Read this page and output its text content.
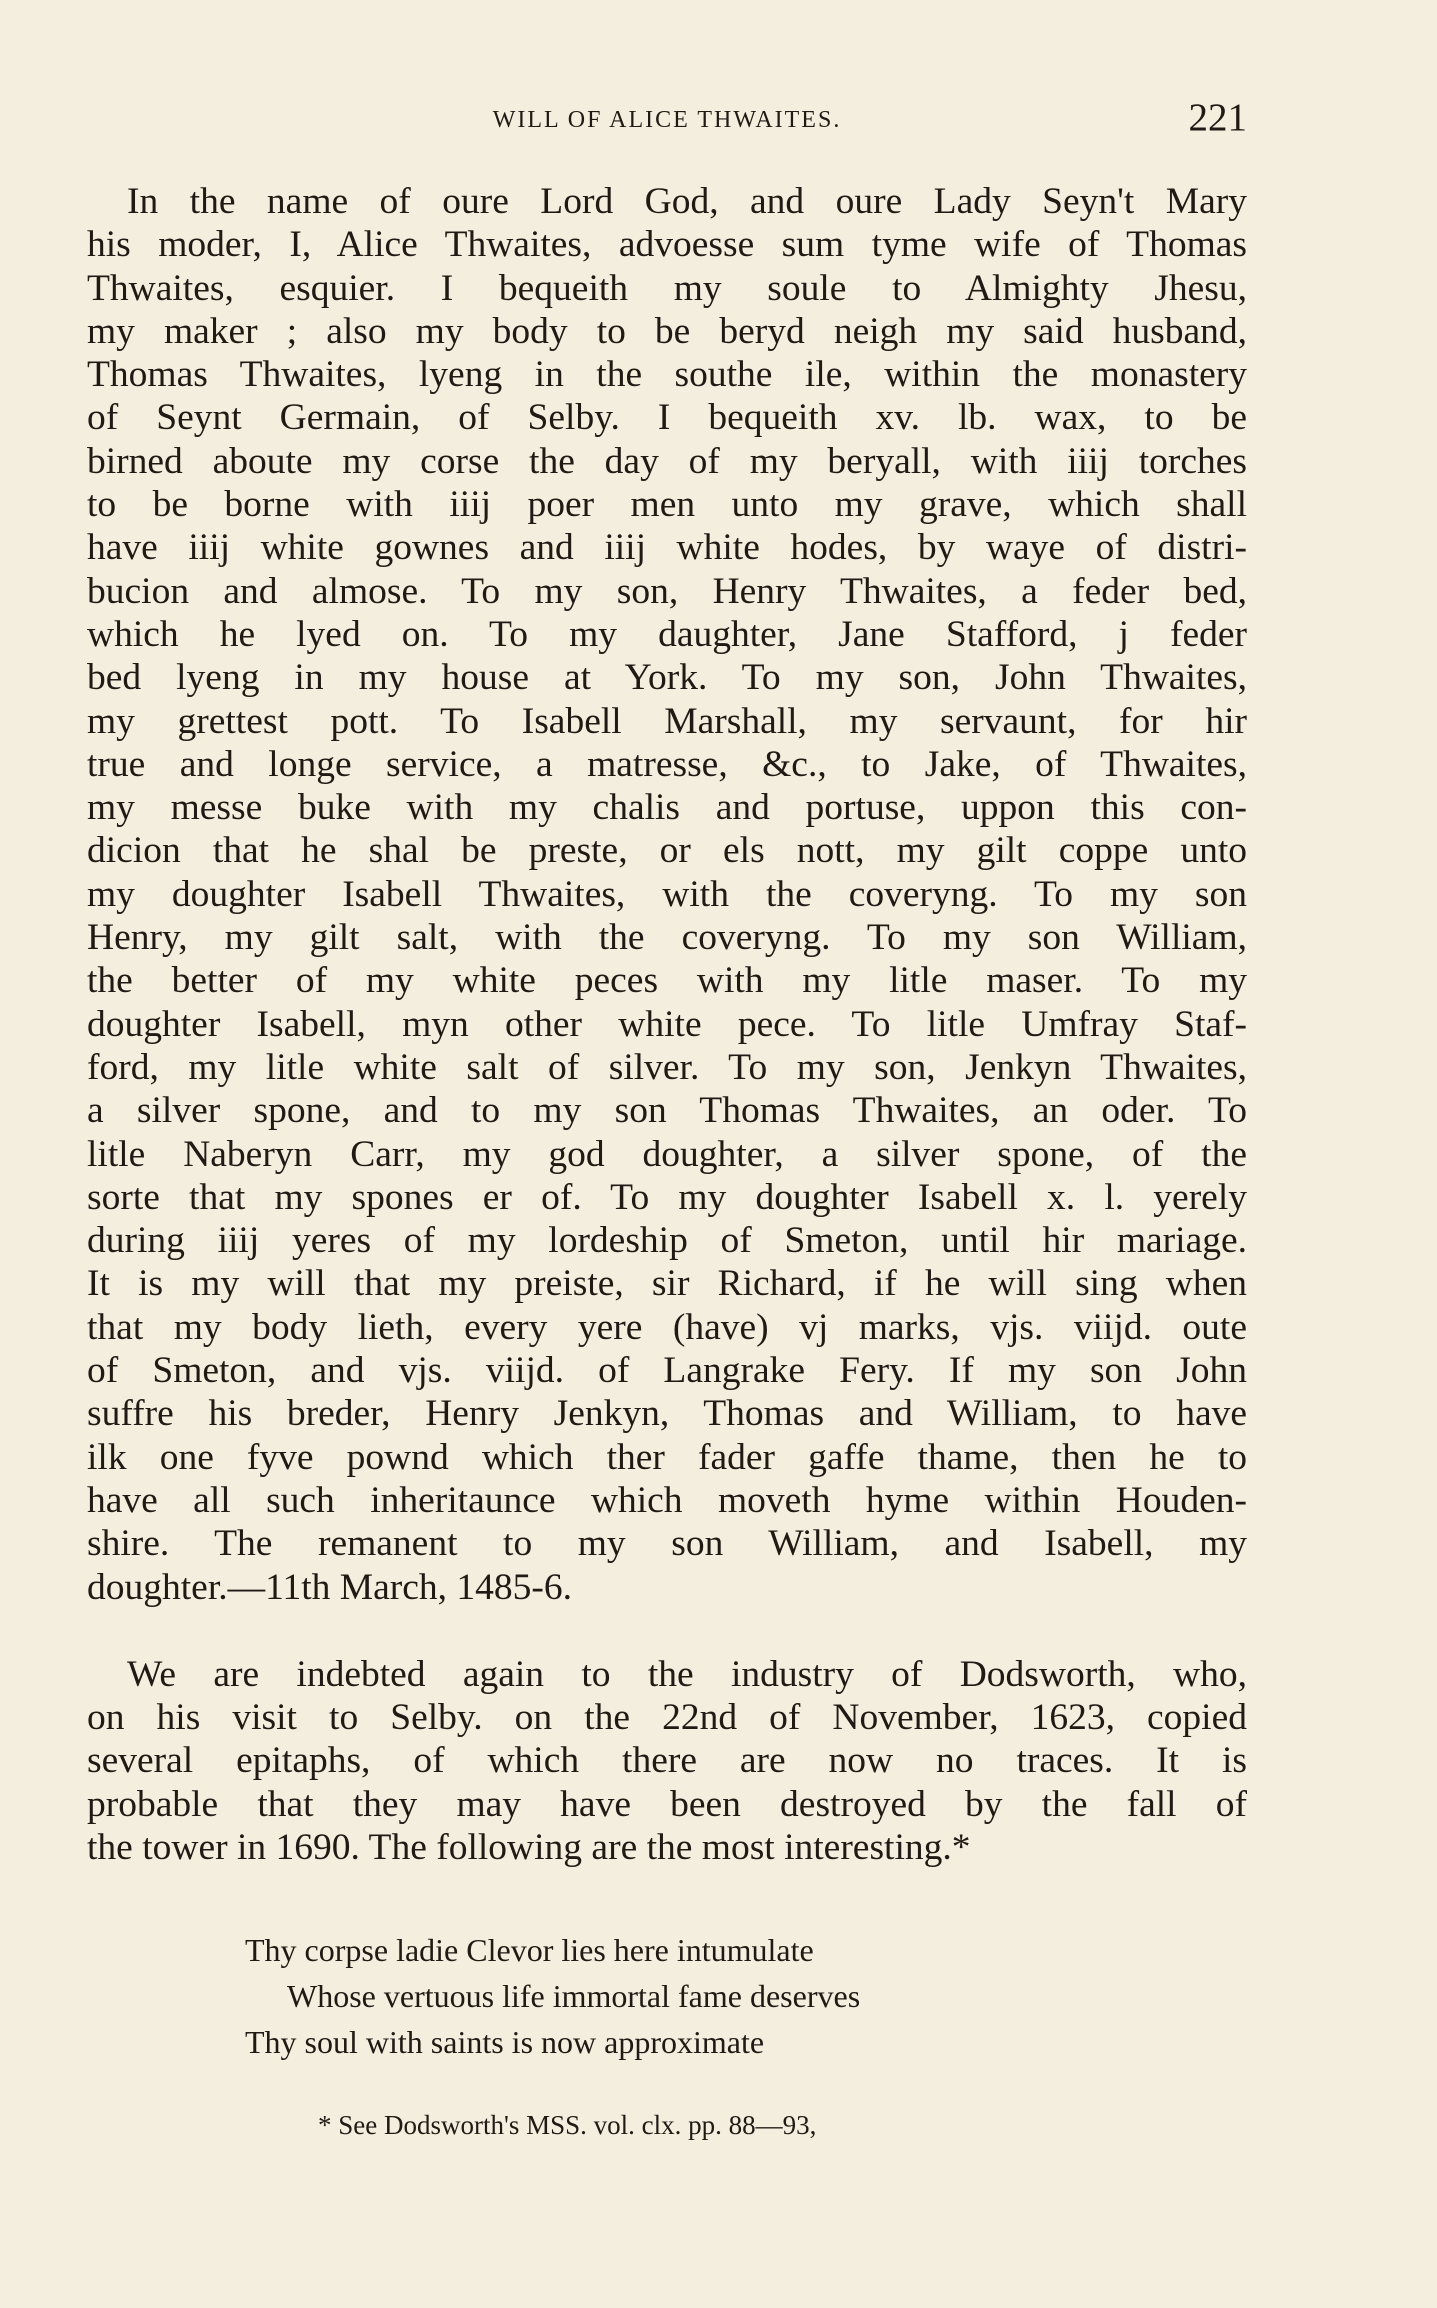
WILL OF ALICE THWAITES.	221
In the name of oure Lord God, and oure Lady Seyn't Mary
his moder, I, Alice Thwaites, advoesse sum tyme wife of Thomas
Thwaites, esquier. I bequeith my soule to Almighty Jhesu,
my maker ; also my body to be beryd neigh my said husband,
Thomas Thwaites, lyeng in the southe ile, within the monastery
of Seynt Germain, of Selby. I bequeith xv. lb. wax, to be
birned aboute my corse the day of my beryall, with iiij torches
to be borne with iiij poer men unto my grave, which shall
have iiij white gownes and iiij white hodes, by waye of distri-
bucion and almose. To my son, Henry Thwaites, a feder bed,
which he lyed on. To my daughter, Jane Stafford, j feder
bed lyeng in my house at York. To my son, John Thwaites,
my grettest pott. To Isabell Marshall, my servaunt, for hir
true and longe service, a matresse, &c., to Jake, of Thwaites,
my messe buke with my chalis and portuse, uppon this con-
dicion that he shal be preste, or els nott, my gilt coppe unto
my doughter Isabell Thwaites, with the coveryng. To my son
Henry, my gilt salt, with the coveryng. To my son William,
the better of my white peces with my litle maser. To my
doughter Isabell, myn other white pece. To litle Umfray Staf-
ford, my litle white salt of silver. To my son, Jenkyn Thwaites,
a silver spone, and to my son Thomas Thwaites, an oder. To
litle Naberyn Carr, my god doughter, a silver spone, of the
sorte that my spones er of. To my doughter Isabell x. l. yerely
during iiij yeres of my lordeship of Smeton, until hir mariage.
It is my will that my preiste, sir Richard, if he will sing when
that my body lieth, every yere (have) vj marks, vjs. viijd. oute
of Smeton, and vjs. viijd. of Langrake Fery. If my son John
suffre his breder, Henry Jenkyn, Thomas and William, to have
ilk one fyve pownd which ther fader gaffe thame, then he to
have all such inheritaunce which moveth hyme within Houden-
shire. The remanent to my son William, and Isabell, my
doughter.—11th March, 1485-6.
We are indebted again to the industry of Dodsworth, who,
on his visit to Selby. on the 22nd of November, 1623, copied
several epitaphs, of which there are now no traces. It is
probable that they may have been destroyed by the fall of
the tower in 1690. The following are the most interesting.*
Thy corpse ladie Clevor lies here intumulate
Whose vertuous life immortal fame deserves
Thy soul with saints is now approximate
* See Dodsworth's MSS. vol. clx. pp. 88—93,
